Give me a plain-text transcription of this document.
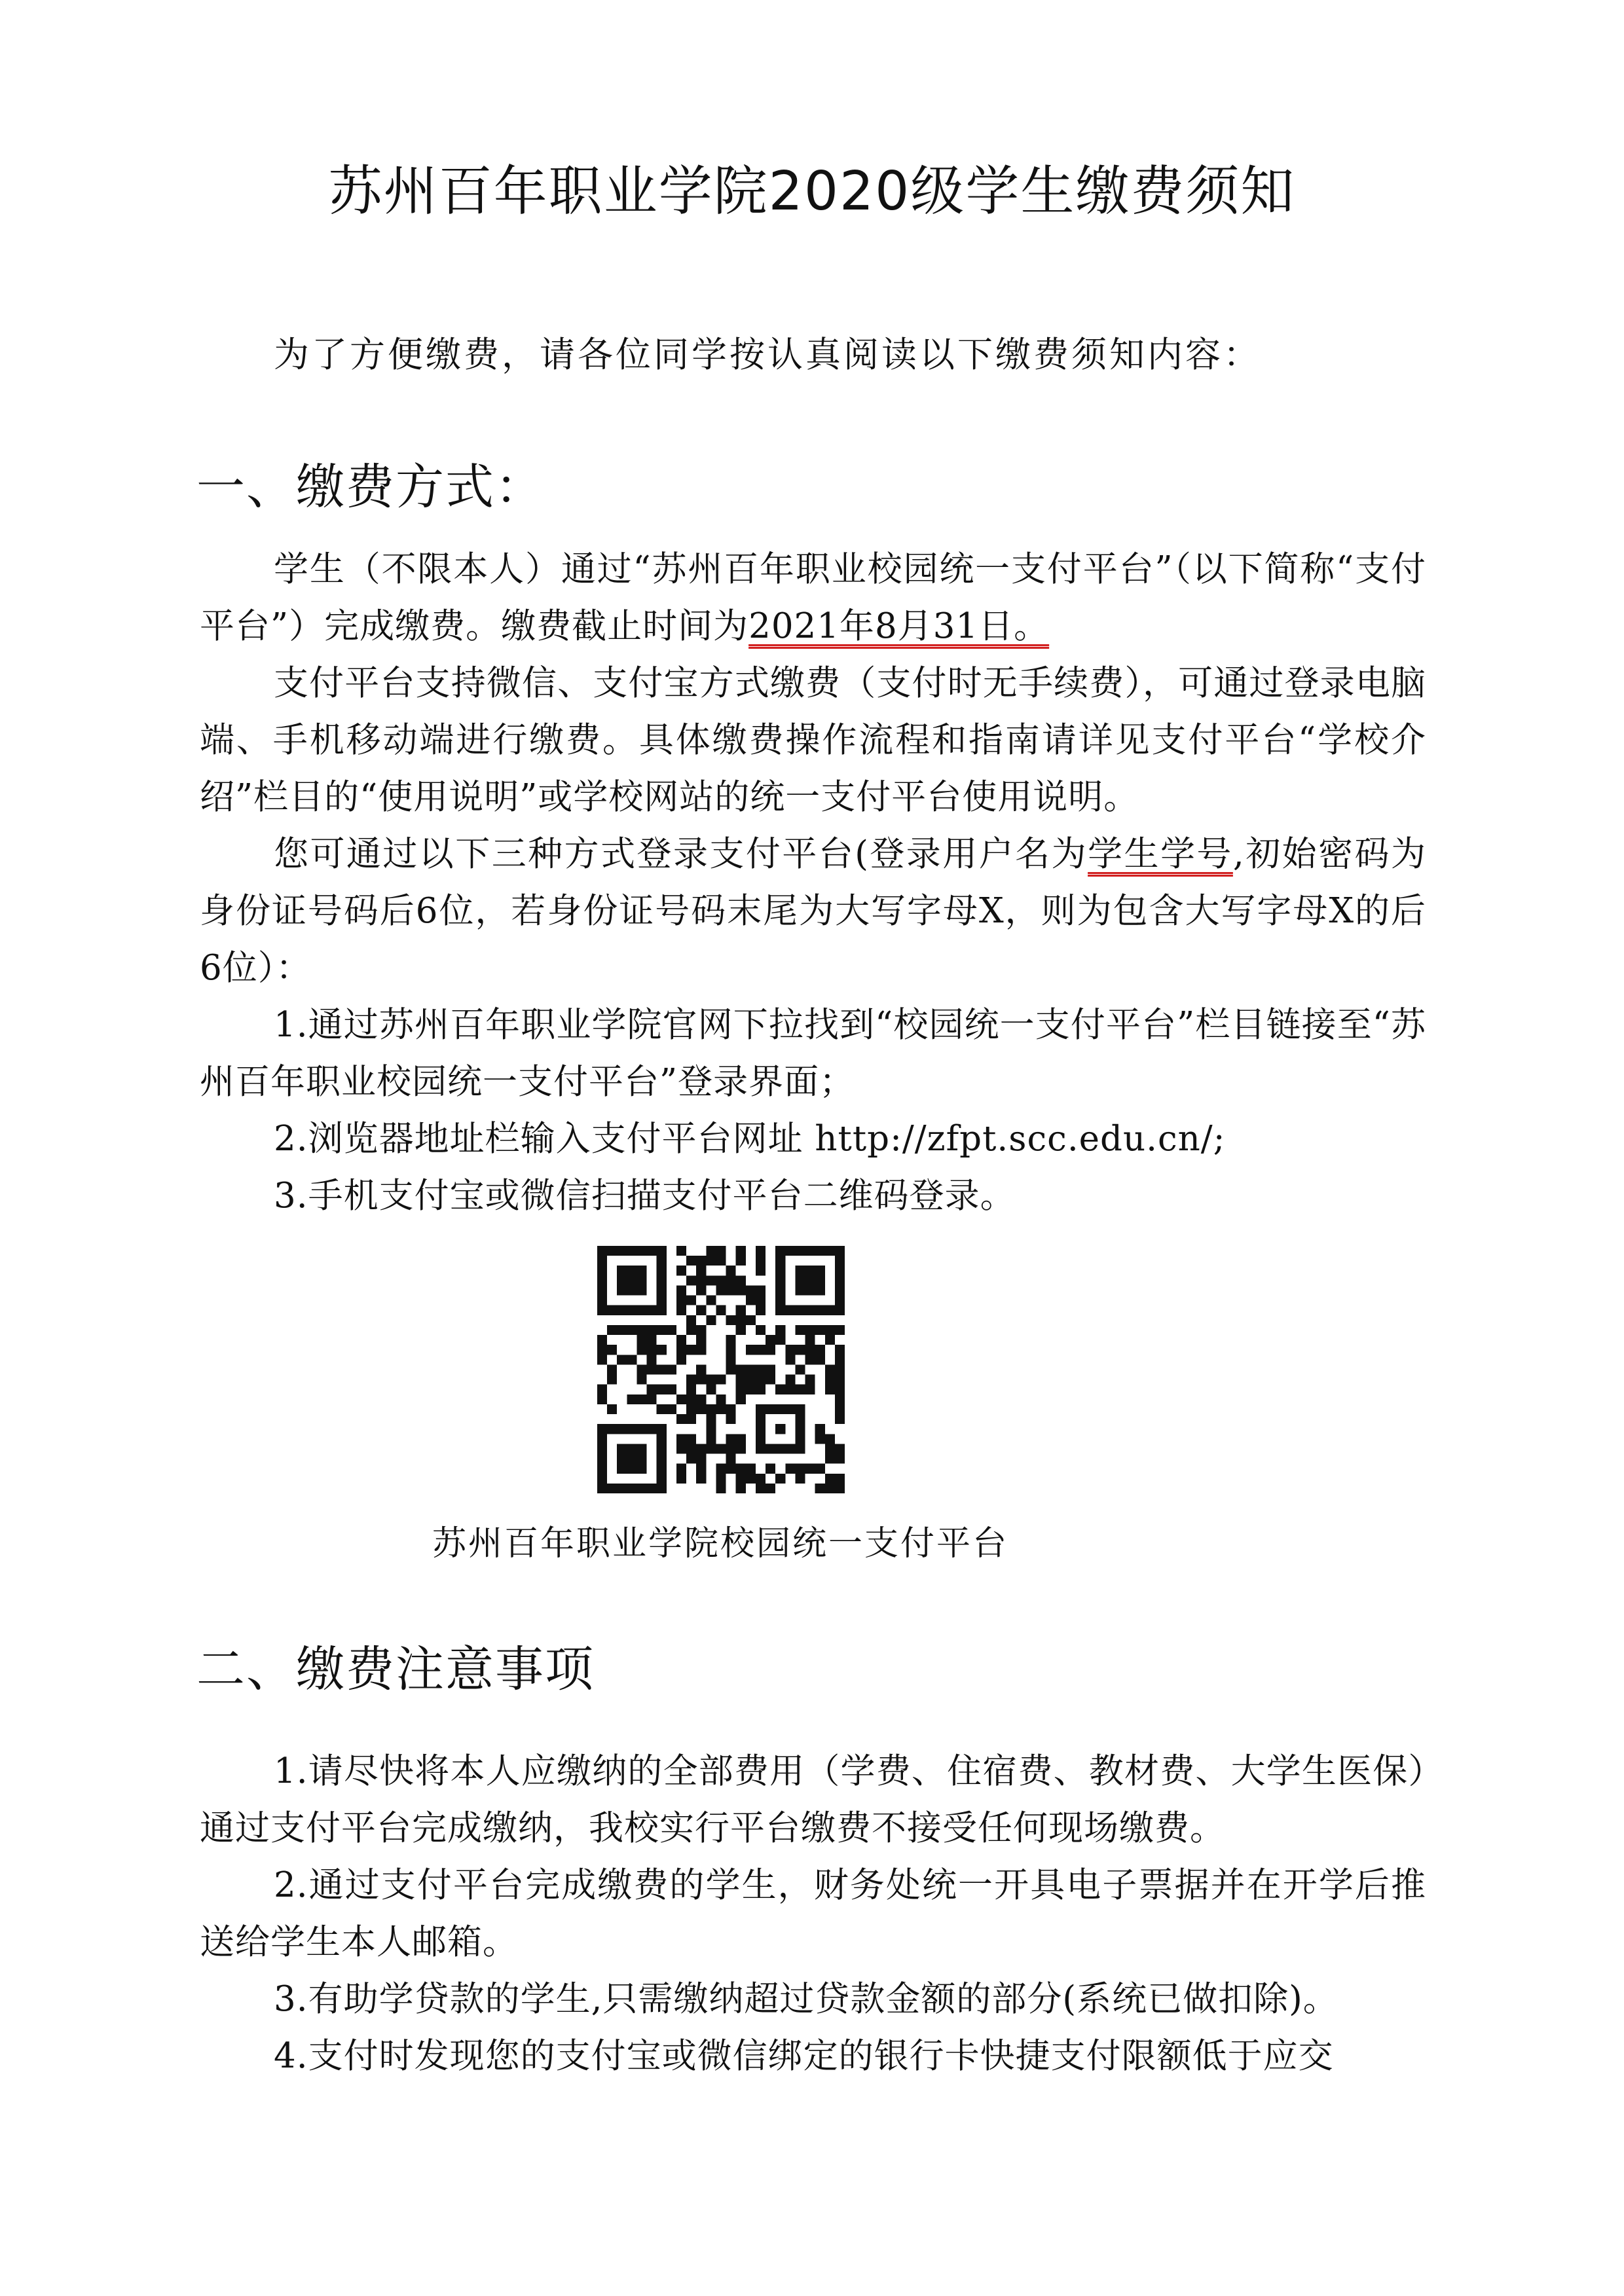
苏州百年职业学院2020级学生缴费须知
为了方便缴费，请各位同学按认真阅读以下缴费须知内容：
一、缴费方式：

学生（不限本人）通过“苏州百年职业校园统一支付平台”（以下简称“支付平台”）完成缴费。缴费截止时间为2021年8月31日。

支付平台支持微信、支付宝方式缴费（支付时无手续费），可通过登录电脑端、手机移动端进行缴费。具体缴费操作流程和指南请详见支付平台“学校介绍”栏目的“使用说明”或学校网站的统一支付平台使用说明。

您可通过以下三种方式登录支付平台(登录用户名为学生学号,初始密码为身份证号码后6位，若身份证号码末尾为大写字母X，则为包含大写字母X的后6位）：

1.通过苏州百年职业学院官网下拉找到“校园统一支付平台”栏目链接至“苏州百年职业校园统一支付平台”登录界面；

2.浏览器地址栏输入支付平台网址 http://zfpt.scc.edu.cn/;

3.手机支付宝或微信扫描支付平台二维码登录。

苏州百年职业学院校园统一支付平台
二、缴费注意事项

1.请尽快将本人应缴纳的全部费用（学费、住宿费、教材费、大学生医保）通过支付平台完成缴纳，我校实行平台缴费不接受任何现场缴费。

2.通过支付平台完成缴费的学生，财务处统一开具电子票据并在开学后推送给学生本人邮箱。

3.有助学贷款的学生,只需缴纳超过贷款金额的部分(系统已做扣除)。

4.支付时发现您的支付宝或微信绑定的银行卡快捷支付限额低于应交
